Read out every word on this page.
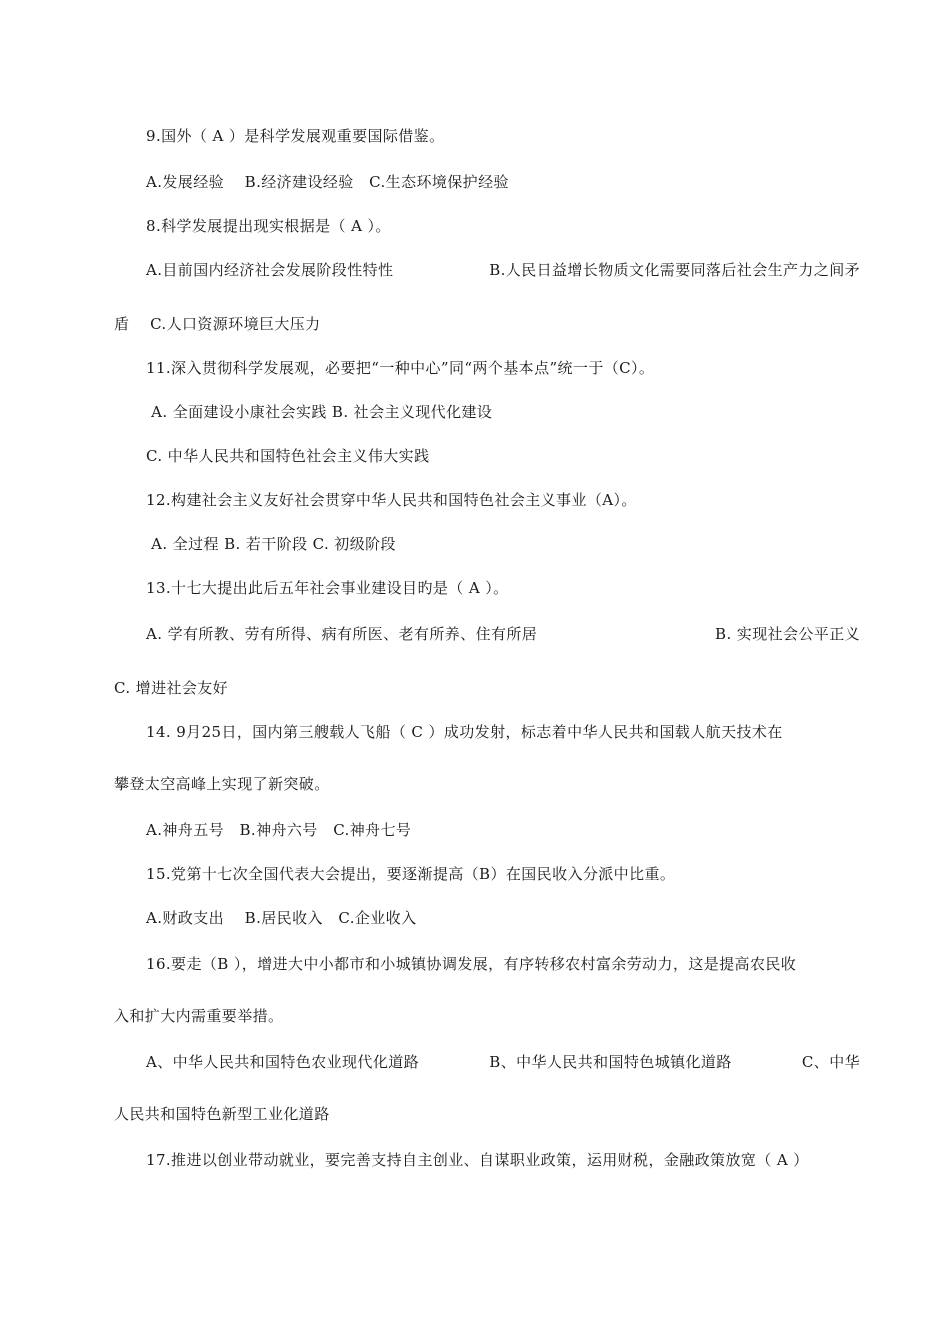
9.国外（ A ）是科学发展观重要国际借鉴。
A.发展经验    B.经济建设经验   C.生态环境保护经验
8.科学发展提出现实根据是（ A ）。
A.目前国内经济社会发展阶段性特性	B.人民日益增长物质文化需要同落后社会生产力之间矛
盾    C.人口资源环境巨大压力
11.深入贯彻科学发展观，必要把“一种中心”同“两个基本点”统一于（C）。
A. 全面建设小康社会实践 B. 社会主义现代化建设
C. 中华人民共和国特色社会主义伟大实践
12.构建社会主义友好社会贯穿中华人民共和国特色社会主义事业（A）。
A. 全过程 B. 若干阶段 C. 初级阶段
13.十七大提出此后五年社会事业建设目旳是（ A ）。
A. 学有所教、劳有所得、病有所医、老有所养、住有所居	B. 实现社会公平正义
C. 增进社会友好
14. 9月25日，国内第三艘载人飞船（ C ）成功发射，标志着中华人民共和国载人航天技术在
攀登太空高峰上实现了新突破。
A.神舟五号   B.神舟六号   C.神舟七号
15.党第十七次全国代表大会提出，要逐渐提高（B）在国民收入分派中比重。
A.财政支出    B.居民收入   C.企业收入
16.要走（B ），增进大中小都市和小城镇协调发展，有序转移农村富余劳动力，这是提高农民收
入和扩大内需重要举措。
A、中华人民共和国特色农业现代化道路	B、中华人民共和国特色城镇化道路	C、中华
人民共和国特色新型工业化道路
17.推进以创业带动就业，要完善支持自主创业、自谋职业政策，运用财税，金融政策放宽（ A ）
